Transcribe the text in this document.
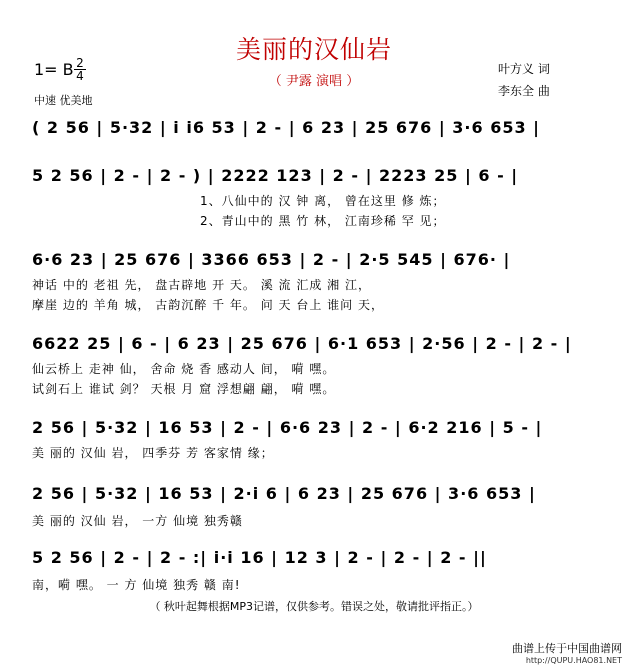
美丽的汉仙岩
（ 尹露 演唱 ）
1= B 2
4
中速 优美地
叶方义 词
李东全 曲
( 2 56 | 5·32 | i i6 53 | 2 - | 6 23 | 25 676 | 3·6 653 |
5 2 56 | 2 - | 2 - ) | 2222 123 | 2 - | 2223 25 | 6 - |
1、八仙中的 汉 钟 离， 曾在这里 修 炼；
2、青山中的 黑 竹 林， 江南珍稀 罕 见；
6·6 23 | 25 676 | 3366 653 | 2 - | 2·5 545 | 676· |
神话 中的 老祖 先， 盘古辟地 开 天。 溪 流 汇成 湘 江，
摩崖 边的 羊角 城， 古韵沉醉 千 年。 问 天 台上 谁问 天，
6622 25 | 6 - | 6 23 | 25 676 | 6·1 653 | 2·56 | 2 - | 2 - |
仙云桥上 走神 仙， 舍命 烧 香 感动人 间， 嗬 嘿。
试剑石上 谁试 剑？ 天根 月 窟 浮想翩 翩， 嗬 嘿。
2 56 | 5·32 | 16 53 | 2 - | 6·6 23 | 2 - | 6·2 216 | 5 - |
美 丽的 汉仙 岩， 四季芬 芳 客家情 缘；
2 56 | 5·32 | 16 53 | 2·i 6 | 6 23 | 25 676 | 3·6 653 |
美 丽的 汉仙 岩， 一方 仙境 独秀赣
5 2 56 | 2 - | 2 - :| i·i 16 | 12 3 | 2 - | 2 - | 2 - ||
南，嗬 嘿。 一 方 仙境 独秀 赣 南!
（ 秋叶起舞根据MP3记谱，仅供参考。错误之处，敬请批评指正。）
曲谱上传于中国曲谱网
http://QUPU.HAO81.NET
